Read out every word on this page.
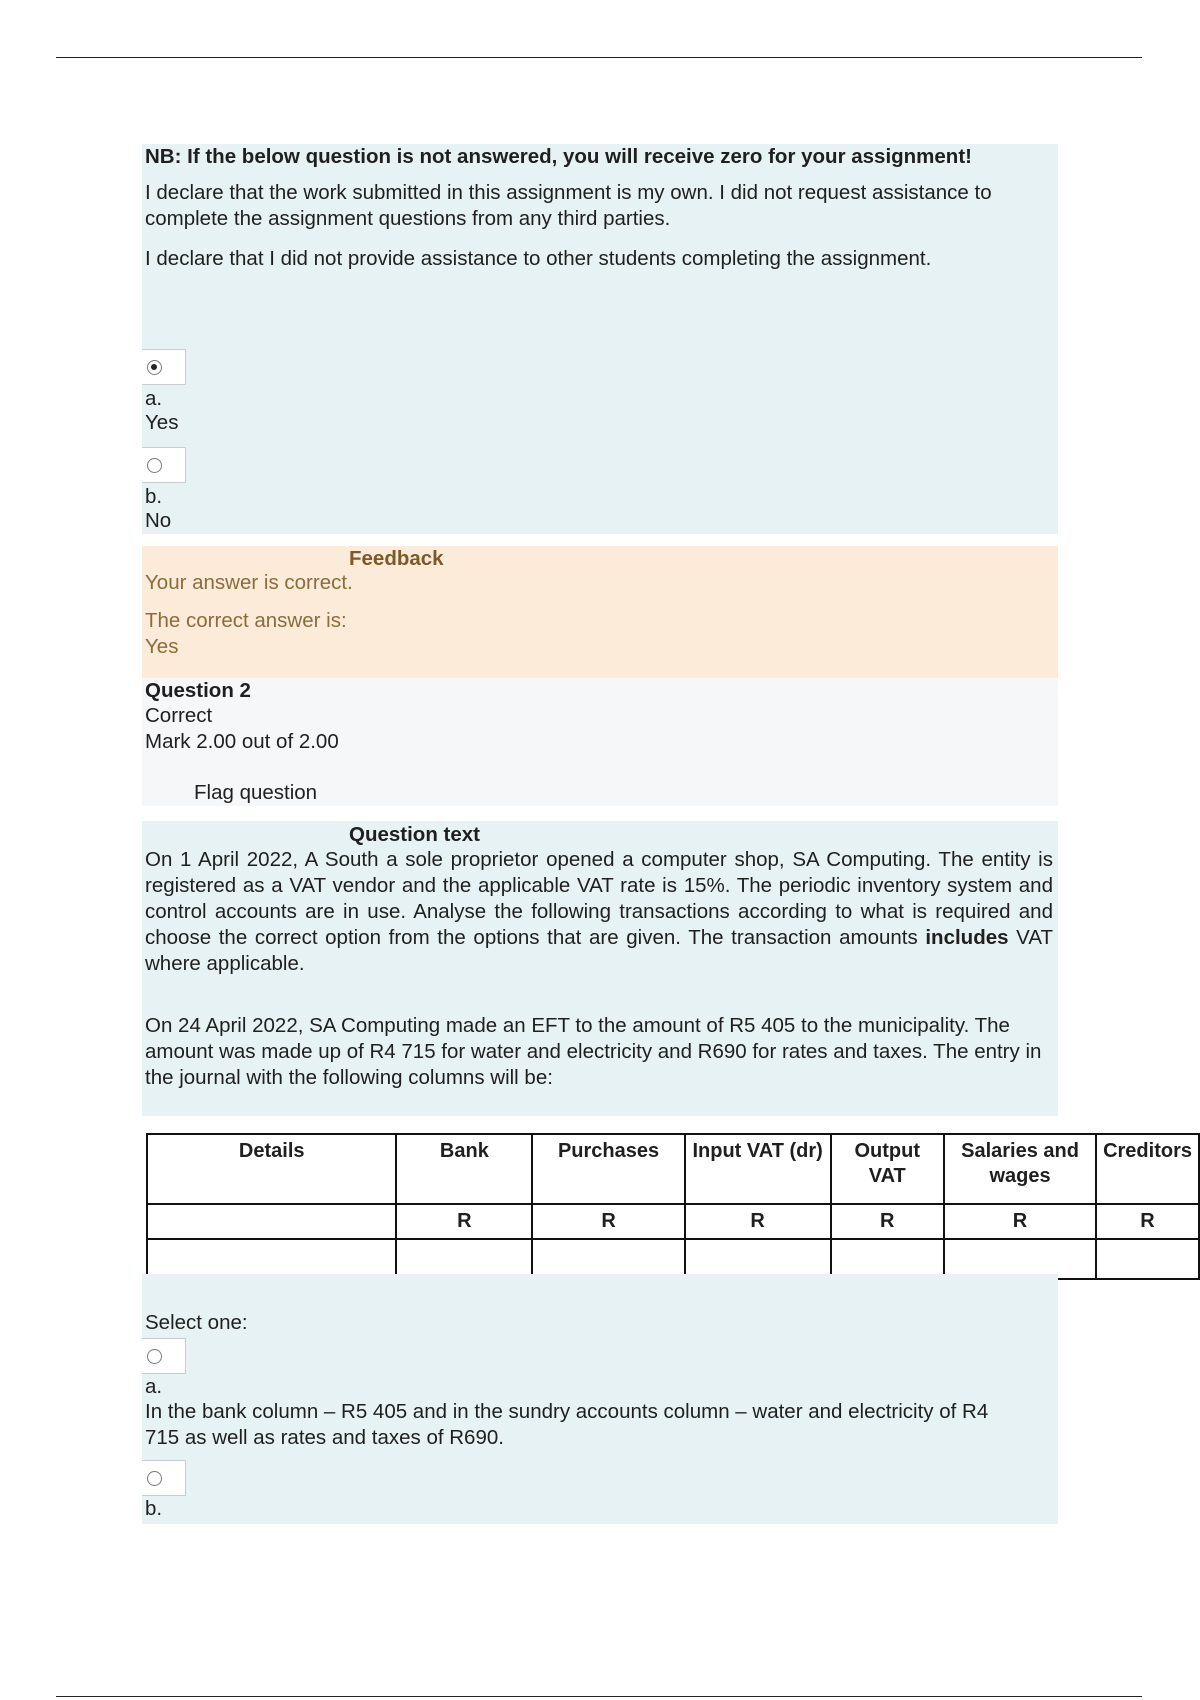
NB: If the below question is not answered, you will receive zero for your assignment!

I declare that the work submitted in this assignment is my own. I did not request assistance to complete the assignment questions from any third parties.

I declare that I did not provide assistance to other students completing the assignment.

a.

Yes

b.

No

Feedback

Your answer is correct.

The correct answer is:

Yes

Question 2

Correct

Mark 2.00 out of 2.00

Flag question

Question text

On 1 April 2022, A South a sole proprietor opened a computer shop, SA Computing. The entity is registered as a VAT vendor and the applicable VAT rate is 15%. The periodic inventory system and control accounts are in use. Analyse the following transactions according to what is required and choose the correct option from the options that are given. The transaction amounts includes VAT where applicable.

On 24 April 2022, SA Computing made an EFT to the amount of R5 405 to the municipality. The amount was made up of R4 715 for water and electricity and R690 for rates and taxes. The entry in the journal with the following columns will be:

Details	Bank	Purchases	Input VAT (dr)	Output VAT	Salaries and wages	Creditors
	R	R	R	R	R	R

Select one:

a.

In the bank column – R5 405 and in the sundry accounts column – water and electricity of R4 715 as well as rates and taxes of R690.

b.
